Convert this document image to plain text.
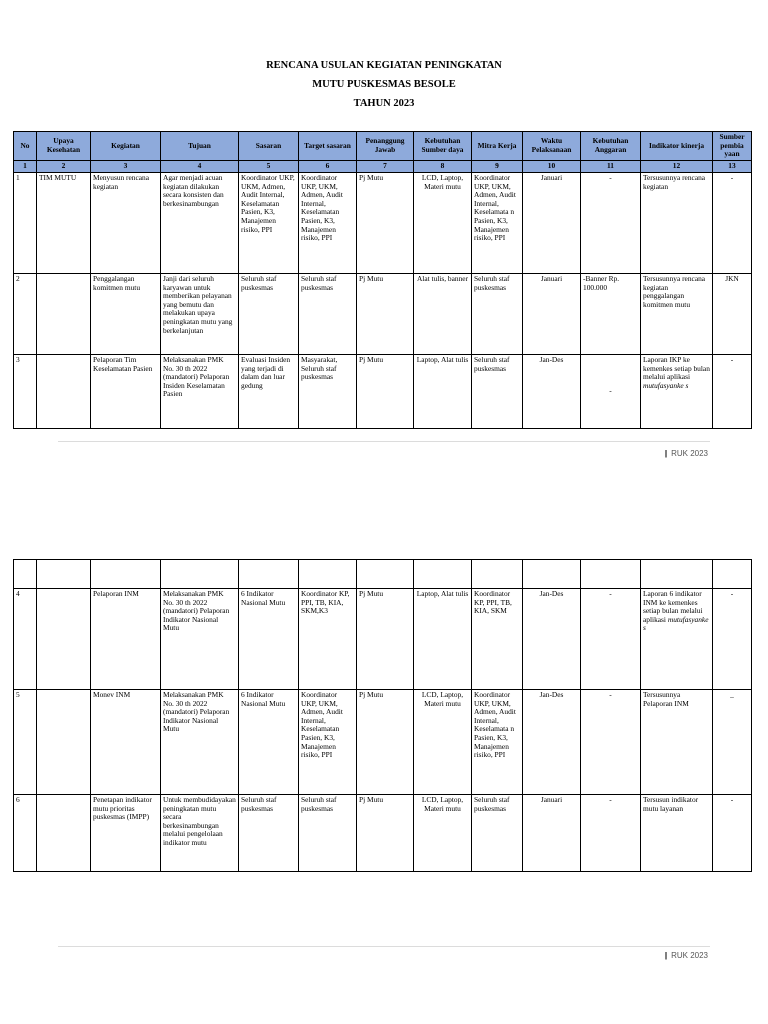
RENCANA USULAN KEGIATAN PENINGKATAN
MUTU PUSKESMAS BESOLE
TAHUN 2023
No	Upaya Kesehatan	Kegiatan	Tujuan	Sasaran	Target sasaran	Penanggung Jawab	Kebutuhan Sumber daya	Mitra Kerja	Waktu Pelaksanaan	Kebutuhan Anggaran	Indikator kinerja	Sumber pembia yaan
1	2	3	4	5	6	7	8	9	10	11	12	13
1	TIM MUTU	Menyusun rencana kegiatan	Agar menjadi acuan kegiatan dilakukan secara konsisten dan berkesinambungan	Koordinator UKP, UKM, Admen, Audit Internal, Keselamatan Pasien, K3, Manajemen risiko, PPI	Koordinator UKP, UKM, Admen, Audit Internal, Keselamatan Pasien, K3, Manajemen risiko, PPI	Pj Mutu	LCD, Laptop, Materi mutu	Koordinator UKP, UKM, Admen, Audit Internal, Keselamata n Pasien, K3, Manajemen risiko, PPI	Januari	-	Tersusunnya rencana kegiatan	-
2		Penggalangan komitmen mutu	Janji dari seluruh karyawan untuk memberikan pelayanan yang bemutu dan melakukan upaya peningkatan mutu yang berkelanjutan	Seluruh staf puskesmas	Seluruh staf puskesmas	Pj Mutu	Alat tulis, banner	Seluruh staf puskesmas	Januari	-Banner Rp. 100.000	Tersusunnya rencana kegiatan penggalangan komitmen mutu	JKN
3		Pelaporan Tim Keselamatan Pasien	Melaksanakan PMK No. 30 th 2022 (mandatori) Pelaporan Insiden Keselamatan Pasien	Evaluasi Insiden yang terjadi di dalam dan luar gedung	Masyarakat, Seluruh staf puskesmas	Pj Mutu	Laptop, Alat tulis	Seluruh staf puskesmas	Jan-Des	-	Laporan IKP ke kemenkes setiap bulan melalui aplikasi mutufasyanke s	-
| RUK 2023

4		Pelaporan INM	Melaksanakan PMK No. 30 th 2022 (mandatori) Pelaporan Indikator Nasional Mutu	6 Indikator Nasional Mutu	Koordinator KP, PPI, TB, KIA, SKM,K3	Pj Mutu	Laptop, Alat tulis	Koordinator KP, PPI, TB, KIA, SKM	Jan-Des	-	Laporan 6 indikator INM ke kemenkes setiap bulan melalui aplikasi mutufasyanke s	-
5		Monev INM	Melaksanakan PMK No. 30 th 2022 (mandatori) Pelaporan Indikator Nasional Mutu	6 Indikator Nasional Mutu	Koordinator UKP, UKM, Admen, Audit Internal, Keselamatan Pasien, K3, Manajemen risiko, PPI	Pj Mutu	LCD, Laptop, Materi mutu	Koordinator UKP, UKM, Admen, Audit Internal, Keselamata n Pasien, K3, Manajemen risiko, PPI	Jan-Des	-	Tersusunnya Pelaporan INM	_
6		Penetapan indikator mutu prioritas puskesmas (IMPP)	Untuk membudidayakan peningkatan mutu secara berkesinambungan melalui pengelolaan indikator mutu	Seluruh staf puskesmas	Seluruh staf puskesmas	Pj Mutu	LCD, Laptop, Materi mutu	Seluruh staf puskesmas	Januari	-	Tersusun indikator mutu layanan	-
| RUK 2023
